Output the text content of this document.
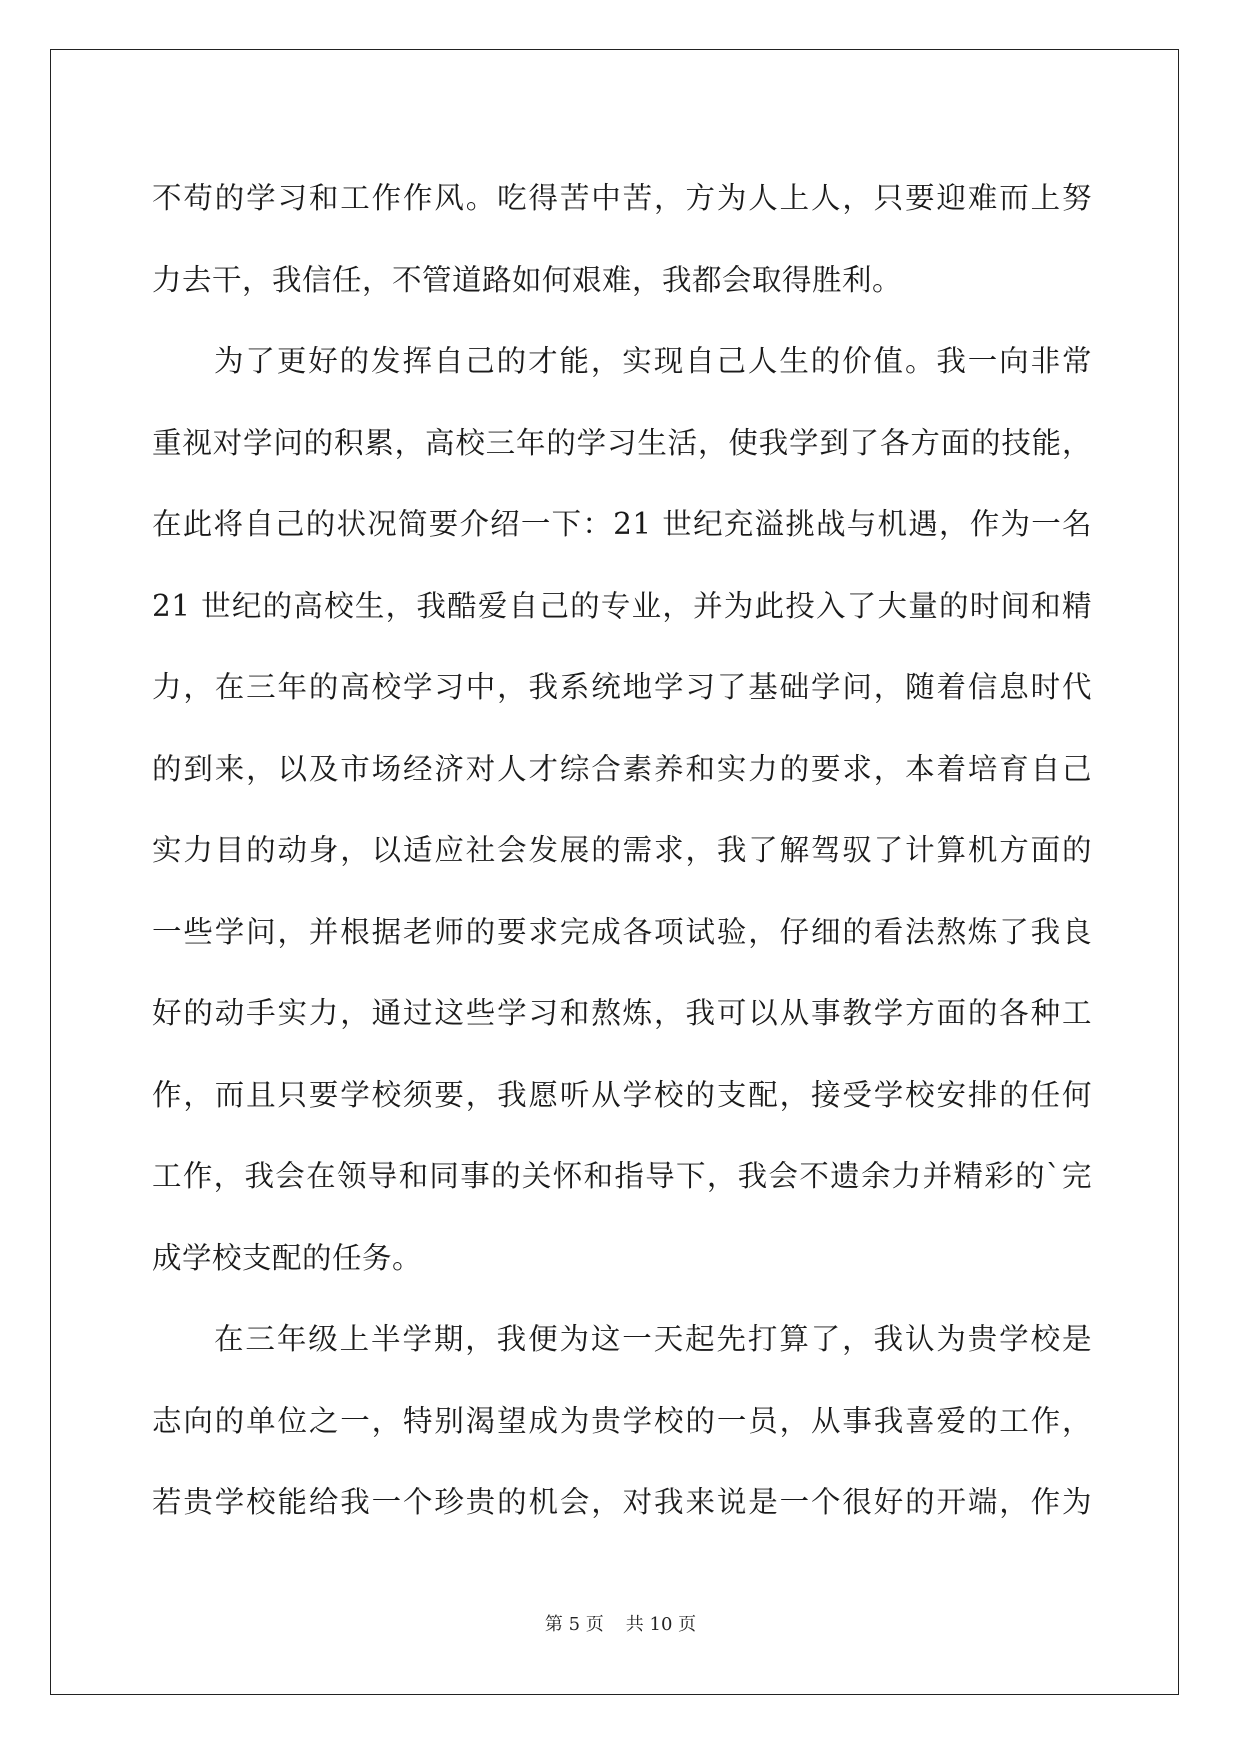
不苟的学习和工作作风。吃得苦中苦，方为人上人，只要迎难而上努
力去干，我信任，不管道路如何艰难，我都会取得胜利。
为了更好的发挥自己的才能，实现自己人生的价值。我一向非常
重视对学问的积累，高校三年的学习生活，使我学到了各方面的技能，
在此将自己的状况简要介绍一下：21 世纪充溢挑战与机遇，作为一名
21 世纪的高校生，我酷爱自己的专业，并为此投入了大量的时间和精
力，在三年的高校学习中，我系统地学习了基础学问，随着信息时代
的到来，以及市场经济对人才综合素养和实力的要求，本着培育自己
实力目的动身，以适应社会发展的需求，我了解驾驭了计算机方面的
一些学问，并根据老师的要求完成各项试验，仔细的看法熬炼了我良
好的动手实力，通过这些学习和熬炼，我可以从事教学方面的各种工
作，而且只要学校须要，我愿听从学校的支配，接受学校安排的任何
工作，我会在领导和同事的关怀和指导下，我会不遗余力并精彩的`完
成学校支配的任务。
在三年级上半学期，我便为这一天起先打算了，我认为贵学校是
志向的单位之一，特别渴望成为贵学校的一员，从事我喜爱的工作，
若贵学校能给我一个珍贵的机会，对我来说是一个很好的开端，作为
第 5 页 共 10 页
